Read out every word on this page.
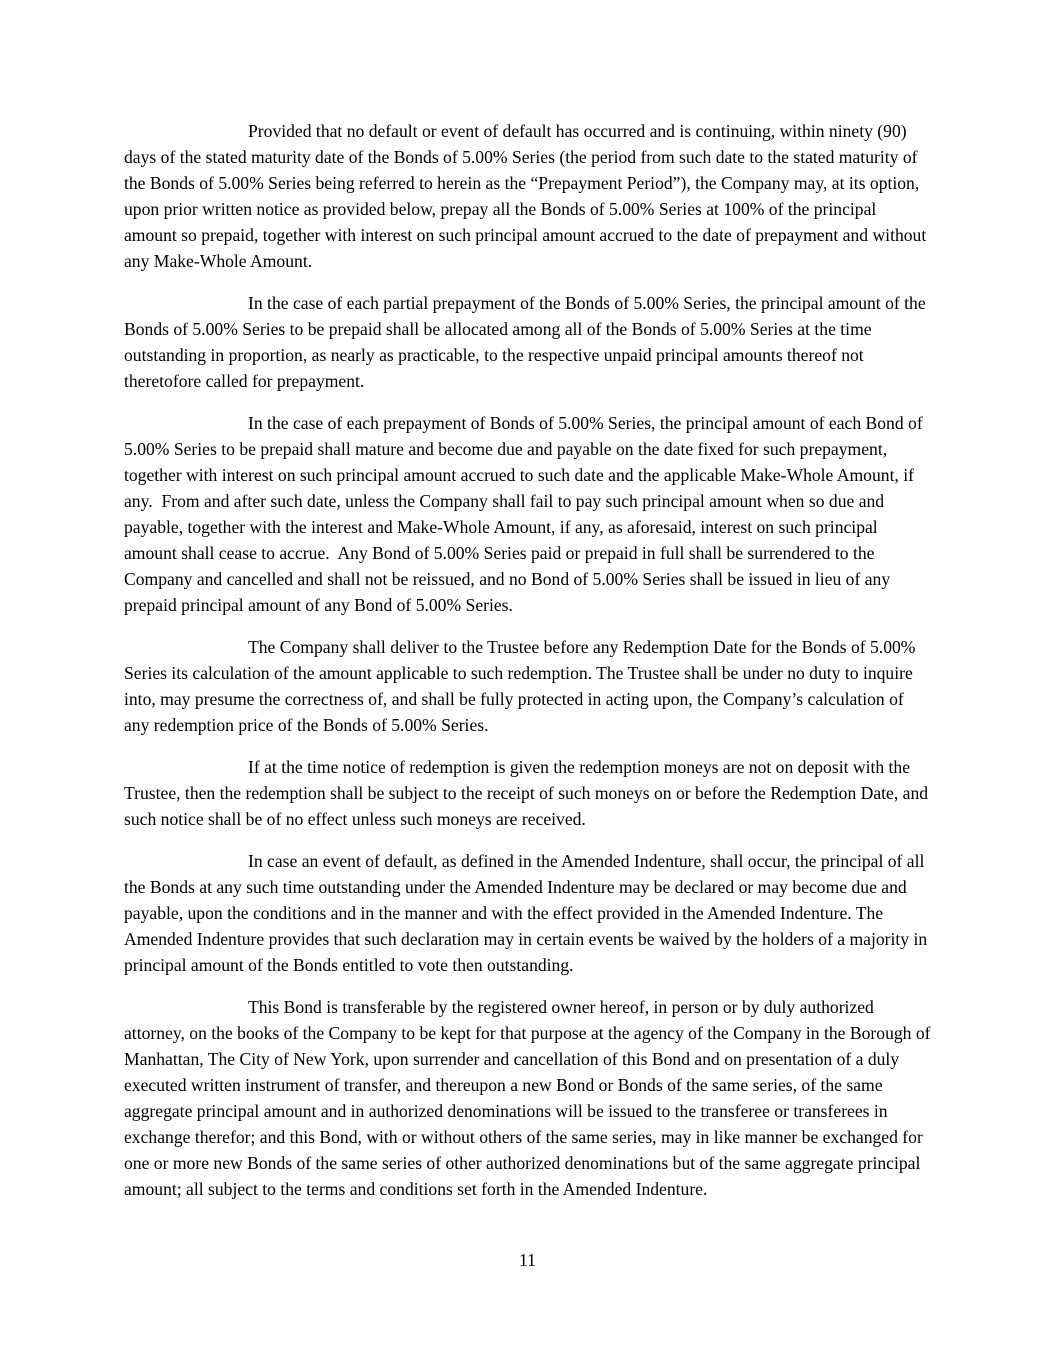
Provided that no default or event of default has occurred and is continuing, within ninety (90) days of the stated maturity date of the Bonds of 5.00% Series (the period from such date to the stated maturity of the Bonds of 5.00% Series being referred to herein as the “Prepayment Period”), the Company may, at its option, upon prior written notice as provided below, prepay all the Bonds of 5.00% Series at 100% of the principal amount so prepaid, together with interest on such principal amount accrued to the date of prepayment and without any Make-Whole Amount.

In the case of each partial prepayment of the Bonds of 5.00% Series, the principal amount of the Bonds of 5.00% Series to be prepaid shall be allocated among all of the Bonds of 5.00% Series at the time outstanding in proportion, as nearly as practicable, to the respective unpaid principal amounts thereof not theretofore called for prepayment.

In the case of each prepayment of Bonds of 5.00% Series, the principal amount of each Bond of 5.00% Series to be prepaid shall mature and become due and payable on the date fixed for such prepayment, together with interest on such principal amount accrued to such date and the applicable Make-Whole Amount, if any.  From and after such date, unless the Company shall fail to pay such principal amount when so due and payable, together with the interest and Make-Whole Amount, if any, as aforesaid, interest on such principal amount shall cease to accrue.  Any Bond of 5.00% Series paid or prepaid in full shall be surrendered to the Company and cancelled and shall not be reissued, and no Bond of 5.00% Series shall be issued in lieu of any prepaid principal amount of any Bond of 5.00% Series.

The Company shall deliver to the Trustee before any Redemption Date for the Bonds of 5.00% Series its calculation of the amount applicable to such redemption. The Trustee shall be under no duty to inquire into, may presume the correctness of, and shall be fully protected in acting upon, the Company’s calculation of any redemption price of the Bonds of 5.00% Series.

If at the time notice of redemption is given the redemption moneys are not on deposit with the Trustee, then the redemption shall be subject to the receipt of such moneys on or before the Redemption Date, and such notice shall be of no effect unless such moneys are received.

In case an event of default, as defined in the Amended Indenture, shall occur, the principal of all the Bonds at any such time outstanding under the Amended Indenture may be declared or may become due and payable, upon the conditions and in the manner and with the effect provided in the Amended Indenture. The Amended Indenture provides that such declaration may in certain events be waived by the holders of a majority in principal amount of the Bonds entitled to vote then outstanding.

This Bond is transferable by the registered owner hereof, in person or by duly authorized attorney, on the books of the Company to be kept for that purpose at the agency of the Company in the Borough of Manhattan, The City of New York, upon surrender and cancellation of this Bond and on presentation of a duly executed written instrument of transfer, and thereupon a new Bond or Bonds of the same series, of the same aggregate principal amount and in authorized denominations will be issued to the transferee or transferees in exchange therefor; and this Bond, with or without others of the same series, may in like manner be exchanged for one or more new Bonds of the same series of other authorized denominations but of the same aggregate principal amount; all subject to the terms and conditions set forth in the Amended Indenture.

11
